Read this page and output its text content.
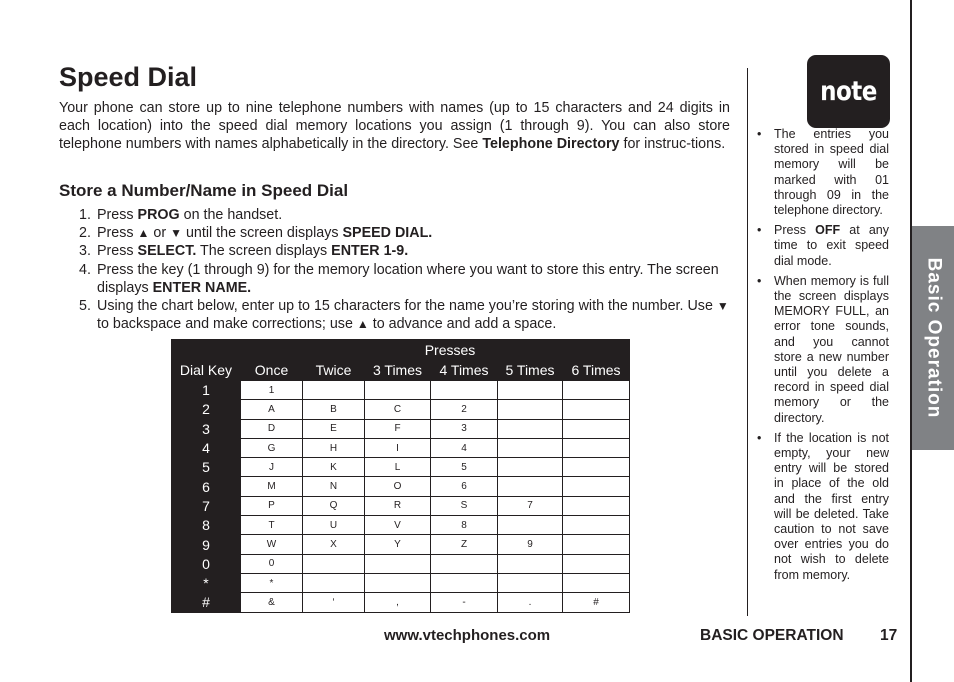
Basic Operation
Speed Dial

Your phone can store up to nine telephone numbers with names (up to 15 characters and 24 digits in each location) into the speed dial memory locations you assign (1 through 9). You can also store telephone numbers with names alphabetically in the directory. See Telephone Directory for instruc-tions.

Store a Number/Name in Speed Dial
1. Press PROG on the handset.
2. Press ▲ or ▼ until the screen displays SPEED DIAL.
3. Press SELECT. The screen displays ENTER 1-9.
4. Press the key (1 through 9) for the memory location where you want to store this entry. The screen displays ENTER NAME.
5. Using the chart below, enter up to 15 characters for the name you’re storing with the number. Use ▼ to backspace and make corrections; use ▲ to advance and add a space.
	Presses					
Dial Key	Once	Twice	3 Times	4 Times	5 Times	6 Times
1	1					
2	A	B	C	2		
3	D	E	F	3		
4	G	H	I	4		
5	J	K	L	5		
6	M	N	O	6		
7	P	Q	R	S	7	
8	T	U	V	8		
9	W	X	Y	Z	9	
0	0					
*	*					
#	&	‘	,	-	.	#
note
• The entries you stored in speed dial memory will be marked with 01 through 09 in the telephone directory.
• Press OFF at any time to exit speed dial mode.
• When memory is full the screen displays MEMORY FULL, an error tone sounds, and you cannot store a new number until you delete a record in speed dial memory or the directory.
• If the location is not empty, your new entry will be stored in place of the old and the first entry will be deleted. Take caution to not save over entries you do not wish to delete from memory.
www.vtechphones.com	BASIC OPERATION 17
